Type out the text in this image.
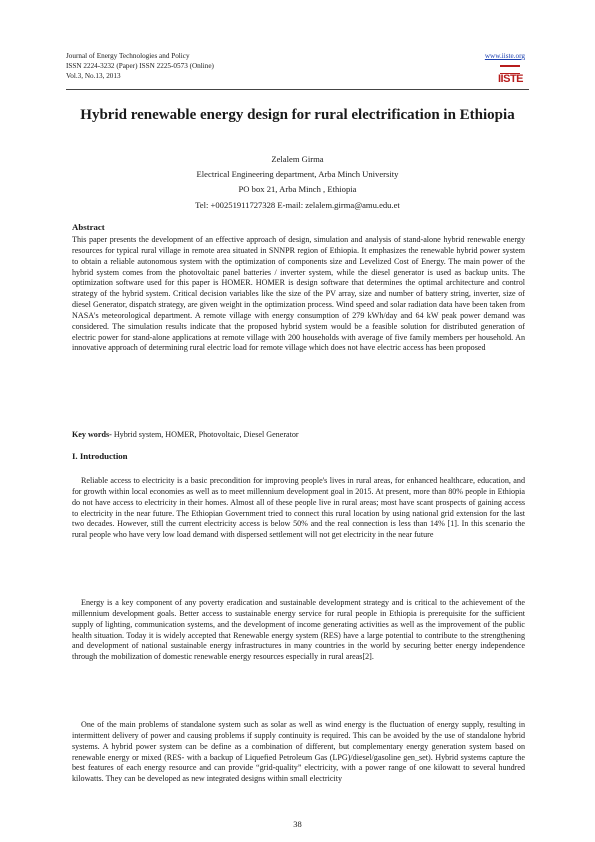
Journal of Energy Technologies and Policy
ISSN 2224-3232 (Paper) ISSN 2225-0573 (Online)
Vol.3, No.13, 2013
www.iiste.org
IISTE
Hybrid renewable energy design for rural electrification in Ethiopia
Zelalem Girma
Electrical Engineering department, Arba Minch University
PO box 21, Arba Minch , Ethiopia
Tel: +00251911727328 E-mail: zelalem.girma@amu.edu.et
Abstract
This paper presents the development of an effective approach of design, simulation and analysis of stand-alone hybrid renewable energy resources for typical rural village in remote area situated in SNNPR region of Ethiopia. It emphasizes the renewable hybrid power system to obtain a reliable autonomous system with the optimization of components size and Levelized Cost of Energy. The main power of the hybrid system comes from the photovoltaic panel batteries / inverter system, while the diesel generator is used as backup units. The optimization software used for this paper is HOMER. HOMER is design software that determines the optimal architecture and control strategy of the hybrid system. Critical decision variables like the size of the PV array, size and number of battery string, inverter, size of diesel Generator, dispatch strategy, are given weight in the optimization process. Wind speed and solar radiation data have been taken from NASA's meteorological department. A remote village with energy consumption of 279 kWh/day and 64 kW peak power demand was considered. The simulation results indicate that the proposed hybrid system would be a feasible solution for distributed generation of electric power for stand-alone applications at remote village with 200 households with average of five family members per household. An innovative approach of determining rural electric load for remote village which does not have electric access has been proposed
Key words- Hybrid system, HOMER, Photovoltaic, Diesel Generator
I. Introduction
Reliable access to electricity is a basic precondition for improving people's lives in rural areas, for enhanced healthcare, education, and for growth within local economies as well as to meet millennium development goal in 2015. At present, more than 80% people in Ethiopia do not have access to electricity in their homes. Almost all of these people live in rural areas; most have scant prospects of gaining access to electricity in the near future. The Ethiopian Government tried to connect this rural location by using national grid extension for the last two decades. However, still the current electricity access is below 50% and the real connection is less than 14% [1]. In this scenario the rural people who have very low load demand with dispersed settlement will not get electricity in the near future
Energy is a key component of any poverty eradication and sustainable development strategy and is critical to the achievement of the millennium development goals. Better access to sustainable energy service for rural people in Ethiopia is prerequisite for the sufficient supply of lighting, communication systems, and the development of income generating activities as well as the improvement of the public health situation. Today it is widely accepted that Renewable energy system (RES) have a large potential to contribute to the strengthening and development of national sustainable energy infrastructures in many countries in the world by securing better energy independence through the mobilization of domestic renewable energy resources especially in rural areas[2].
One of the main problems of standalone system such as solar as well as wind energy is the fluctuation of energy supply, resulting in intermittent delivery of power and causing problems if supply continuity is required. This can be avoided by the use of standalone hybrid systems. A hybrid power system can be define as a combination of different, but complementary energy generation system based on renewable energy or mixed (RES- with a backup of Liquefied Petroleum Gas (LPG)/diesel/gasoline gen_set). Hybrid systems capture the best features of each energy resource and can provide “grid-quality” electricity, with a power range of one kilowatt to several hundred kilowatts. They can be developed as new integrated designs within small electricity
38
